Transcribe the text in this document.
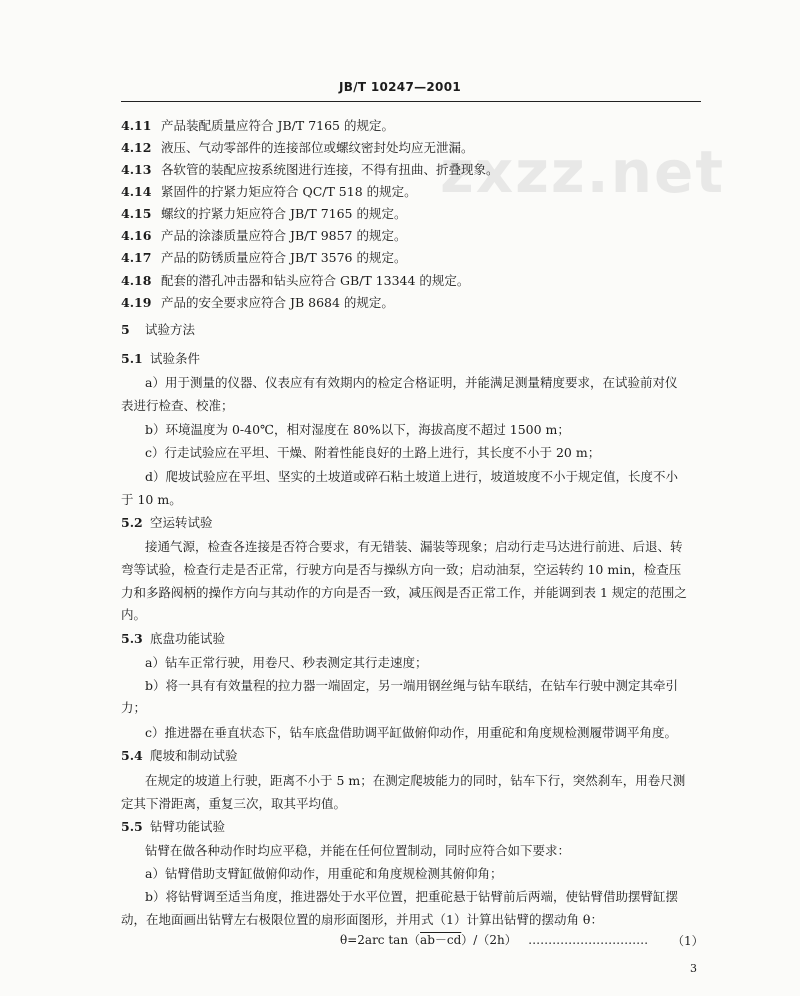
zxzz.net
JB/T 10247—2001
4.11 产品装配质量应符合 JB/T 7165 的规定。
4.12 液压、气动零部件的连接部位或螺纹密封处均应无泄漏。
4.13 各软管的装配应按系统图进行连接，不得有扭曲、折叠现象。
4.14 紧固件的拧紧力矩应符合 QC/T 518 的规定。
4.15 螺纹的拧紧力矩应符合 JB/T 7165 的规定。
4.16 产品的涂漆质量应符合 JB/T 9857 的规定。
4.17 产品的防锈质量应符合 JB/T 3576 的规定。
4.18 配套的潜孔冲击器和钻头应符合 GB/T 13344 的规定。
4.19 产品的安全要求应符合 JB 8684 的规定。
5 试验方法
5.1 试验条件
a）用于测量的仪器、仪表应有有效期内的检定合格证明，并能满足测量精度要求，在试验前对仪
表进行检查、校准；
b）环境温度为 0-40℃，相对湿度在 80%以下，海拔高度不超过 1500 m；
c）行走试验应在平坦、干燥、附着性能良好的土路上进行，其长度不小于 20 m；
d）爬坡试验应在平坦、坚实的土坡道或碎石粘土坡道上进行，坡道坡度不小于规定值，长度不小
于 10 m。
5.2 空运转试验
接通气源，检查各连接是否符合要求，有无错装、漏装等现象；启动行走马达进行前进、后退、转
弯等试验，检查行走是否正常，行驶方向是否与操纵方向一致；启动油泵，空运转约 10 min，检查压
力和多路阀柄的操作方向与其动作的方向是否一致，减压阀是否正常工作，并能调到表 1 规定的范围之
内。
5.3 底盘功能试验
a）钻车正常行驶，用卷尺、秒表测定其行走速度；
b）将一具有有效量程的拉力器一端固定，另一端用钢丝绳与钻车联结，在钻车行驶中测定其牵引
力；
c）推进器在垂直状态下，钻车底盘借助调平缸做俯仰动作，用重砣和角度规检测履带调平角度。
5.4 爬坡和制动试验
在规定的坡道上行驶，距离不小于 5 m；在测定爬坡能力的同时，钻车下行，突然刹车，用卷尺测
定其下滑距离，重复三次，取其平均值。
5.5 钻臂功能试验
钻臂在做各种动作时均应平稳，并能在任何位置制动，同时应符合如下要求：
a）钻臂借助支臂缸做俯仰动作，用重砣和角度规检测其俯仰角；
b）将钻臂调至适当角度，推进器处于水平位置，把重砣悬于钻臂前后两端，使钻臂借助摆臂缸摆
动，在地面画出钻臂左右极限位置的扇形面图形，并用式（1）计算出钻臂的摆动角 θ：
θ=2arc tan（ab－cd）/（2h） ………………………… （1）
3
